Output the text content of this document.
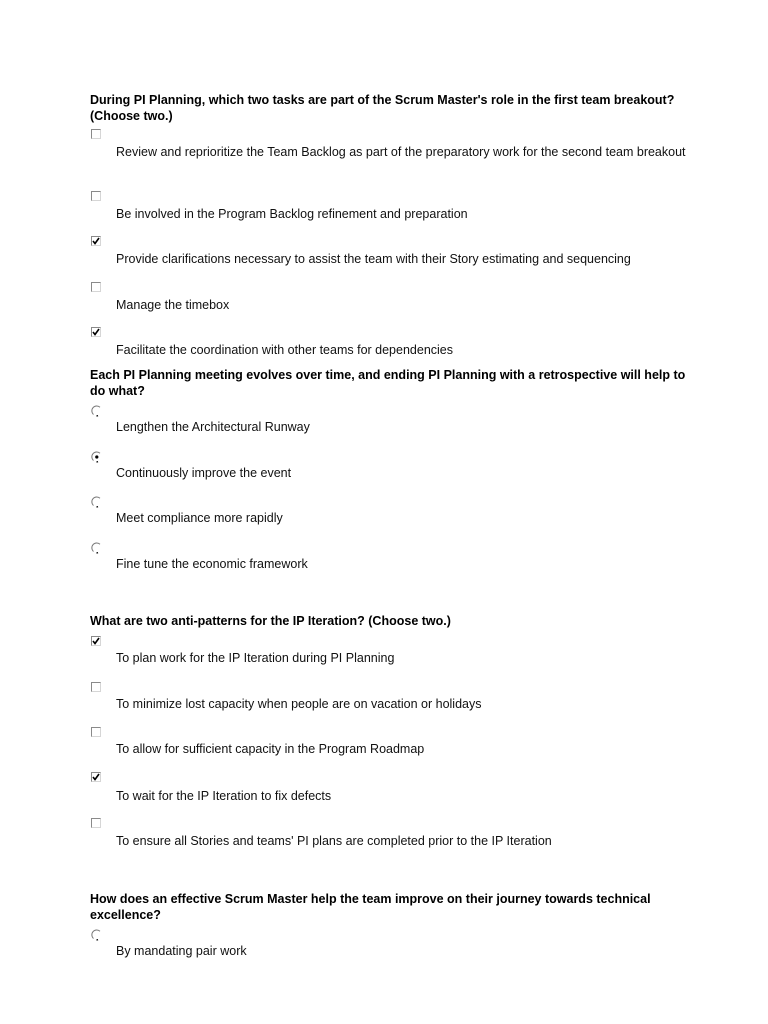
During PI Planning, which two tasks are part of the Scrum Master's role in the first team breakout? (Choose two.)
Review and reprioritize the Team Backlog as part of the preparatory work for the second team breakout
Be involved in the Program Backlog refinement and preparation
Provide clarifications necessary to assist the team with their Story estimating and sequencing
Manage the timebox
Facilitate the coordination with other teams for dependencies
Each PI Planning meeting evolves over time, and ending PI Planning with a retrospective will help to do what?
Lengthen the Architectural Runway
Continuously improve the event
Meet compliance more rapidly
Fine tune the economic framework
What are two anti-patterns for the IP Iteration? (Choose two.)
To plan work for the IP Iteration during PI Planning
To minimize lost capacity when people are on vacation or holidays
To allow for sufficient capacity in the Program Roadmap
To wait for the IP Iteration to fix defects
To ensure all Stories and teams' PI plans are completed prior to the IP Iteration
How does an effective Scrum Master help the team improve on their journey towards technical excellence?
By mandating pair work
